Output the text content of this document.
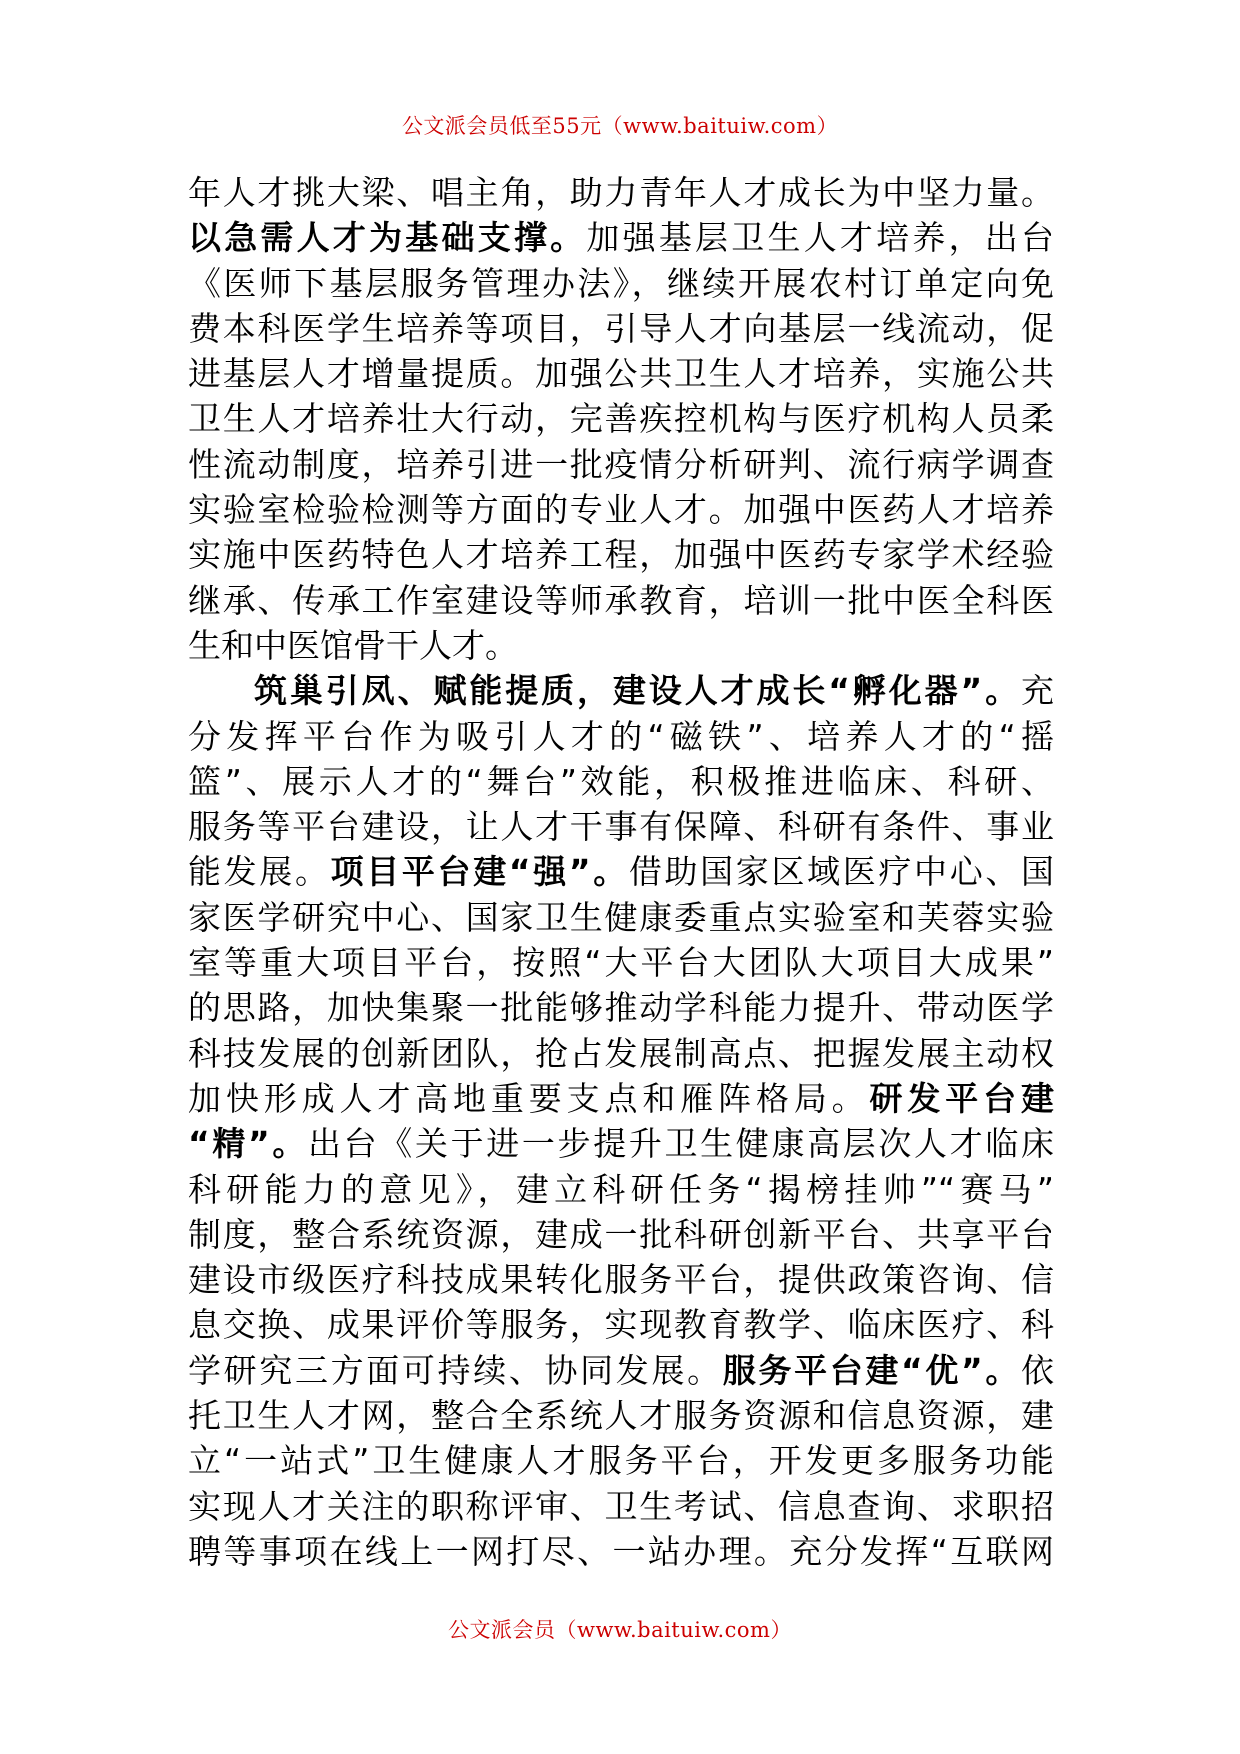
公文派会员低至55元（www.baituiw.com）
年人才挑大梁、唱主角，助力青年人才成长为中坚力量。
以急需人才为基础支撑。加强基层卫生人才培养，出台
《医师下基层服务管理办法》，继续开展农村订单定向免
费本科医学生培养等项目，引导人才向基层一线流动，促
进基层人才增量提质。加强公共卫生人才培养，实施公共
卫生人才培养壮大行动，完善疾控机构与医疗机构人员柔
性流动制度，培养引进一批疫情分析研判、流行病学调查
实验室检验检测等方面的专业人才。加强中医药人才培养
实施中医药特色人才培养工程，加强中医药专家学术经验
继承、传承工作室建设等师承教育，培训一批中医全科医
生和中医馆骨干人才。
筑巢引凤、赋能提质，建设人才成长“孵化器”。充
分发挥平台作为吸引人才的“磁铁”、培养人才的“摇
篮”、展示人才的“舞台”效能，积极推进临床、科研、
服务等平台建设，让人才干事有保障、科研有条件、事业
能发展。项目平台建“强”。借助国家区域医疗中心、国
家医学研究中心、国家卫生健康委重点实验室和芙蓉实验
室等重大项目平台，按照“大平台大团队大项目大成果”
的思路，加快集聚一批能够推动学科能力提升、带动医学
科技发展的创新团队，抢占发展制高点、把握发展主动权
加快形成人才高地重要支点和雁阵格局。研发平台建
“精”。出台《关于进一步提升卫生健康高层次人才临床
科研能力的意见》，建立科研任务“揭榜挂帅”“赛马”
制度，整合系统资源，建成一批科研创新平台、共享平台
建设市级医疗科技成果转化服务平台，提供政策咨询、信
息交换、成果评价等服务，实现教育教学、临床医疗、科
学研究三方面可持续、协同发展。服务平台建“优”。依
托卫生人才网，整合全系统人才服务资源和信息资源，建
立“一站式”卫生健康人才服务平台，开发更多服务功能
实现人才关注的职称评审、卫生考试、信息查询、求职招
聘等事项在线上一网打尽、一站办理。充分发挥“互联网
公文派会员（www.baituiw.com）
